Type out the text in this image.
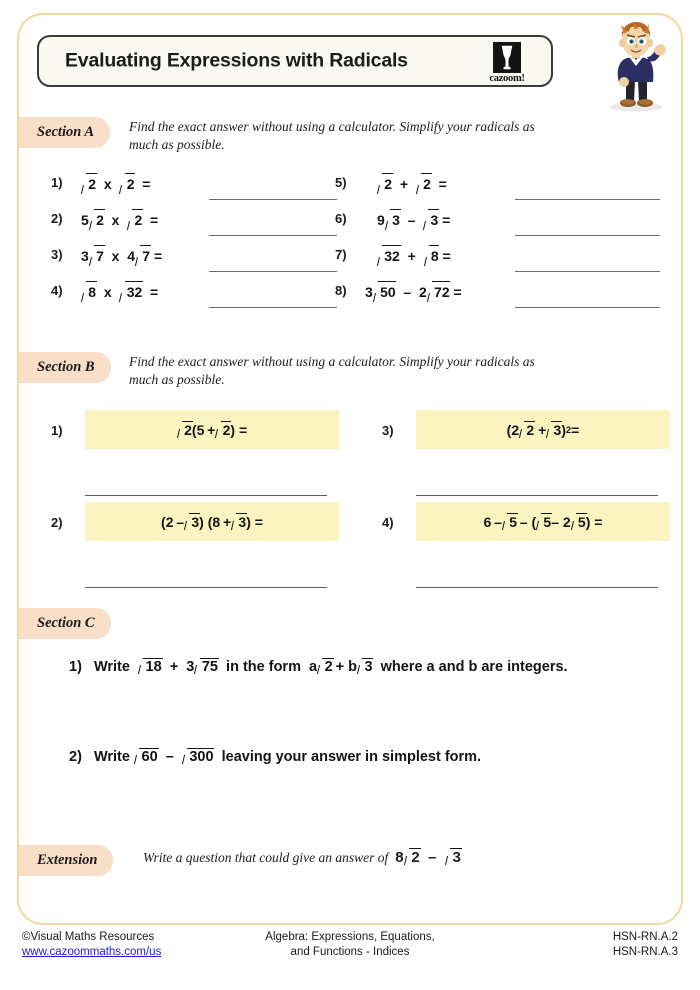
Evaluating Expressions with Radicals
cazoom!
Section A	Find the exact answer without using a calculator. Simplify your radicals as much as possible.
1)	2  x  2  =
2) 5 2  x  2  =
3) 3 7  x  4 7 =
4)	8  x  32  =
5)	2  +  2  =
6) 9 3  –  3 =
7)	32  +  8 =
8) 3 50  –  2 72 =
Section B	Find the exact answer without using a calculator. Simplify your radicals as much as possible.
1)	2 (5 + 2 ) =
2)	(2 – 3 ) (8 + 3 ) =
3)	(2 2 + 3 ) 2 =
4)	6 – 5  – ( 5 – 2 5 ) =
Section C
1) Write  18  +  3 75  in the form  a 2 + b 3  where a and b are integers.
2) Write 60  –  300  leaving your answer in simplest form.
Extension	Write a question that could give an answer of 8 2  –  3
©Visual Maths Resources
www.cazoommaths.com/us
Algebra: Expressions, Equations,
and Functions - Indices
HSN-RN.A.2
HSN-RN.A.3
